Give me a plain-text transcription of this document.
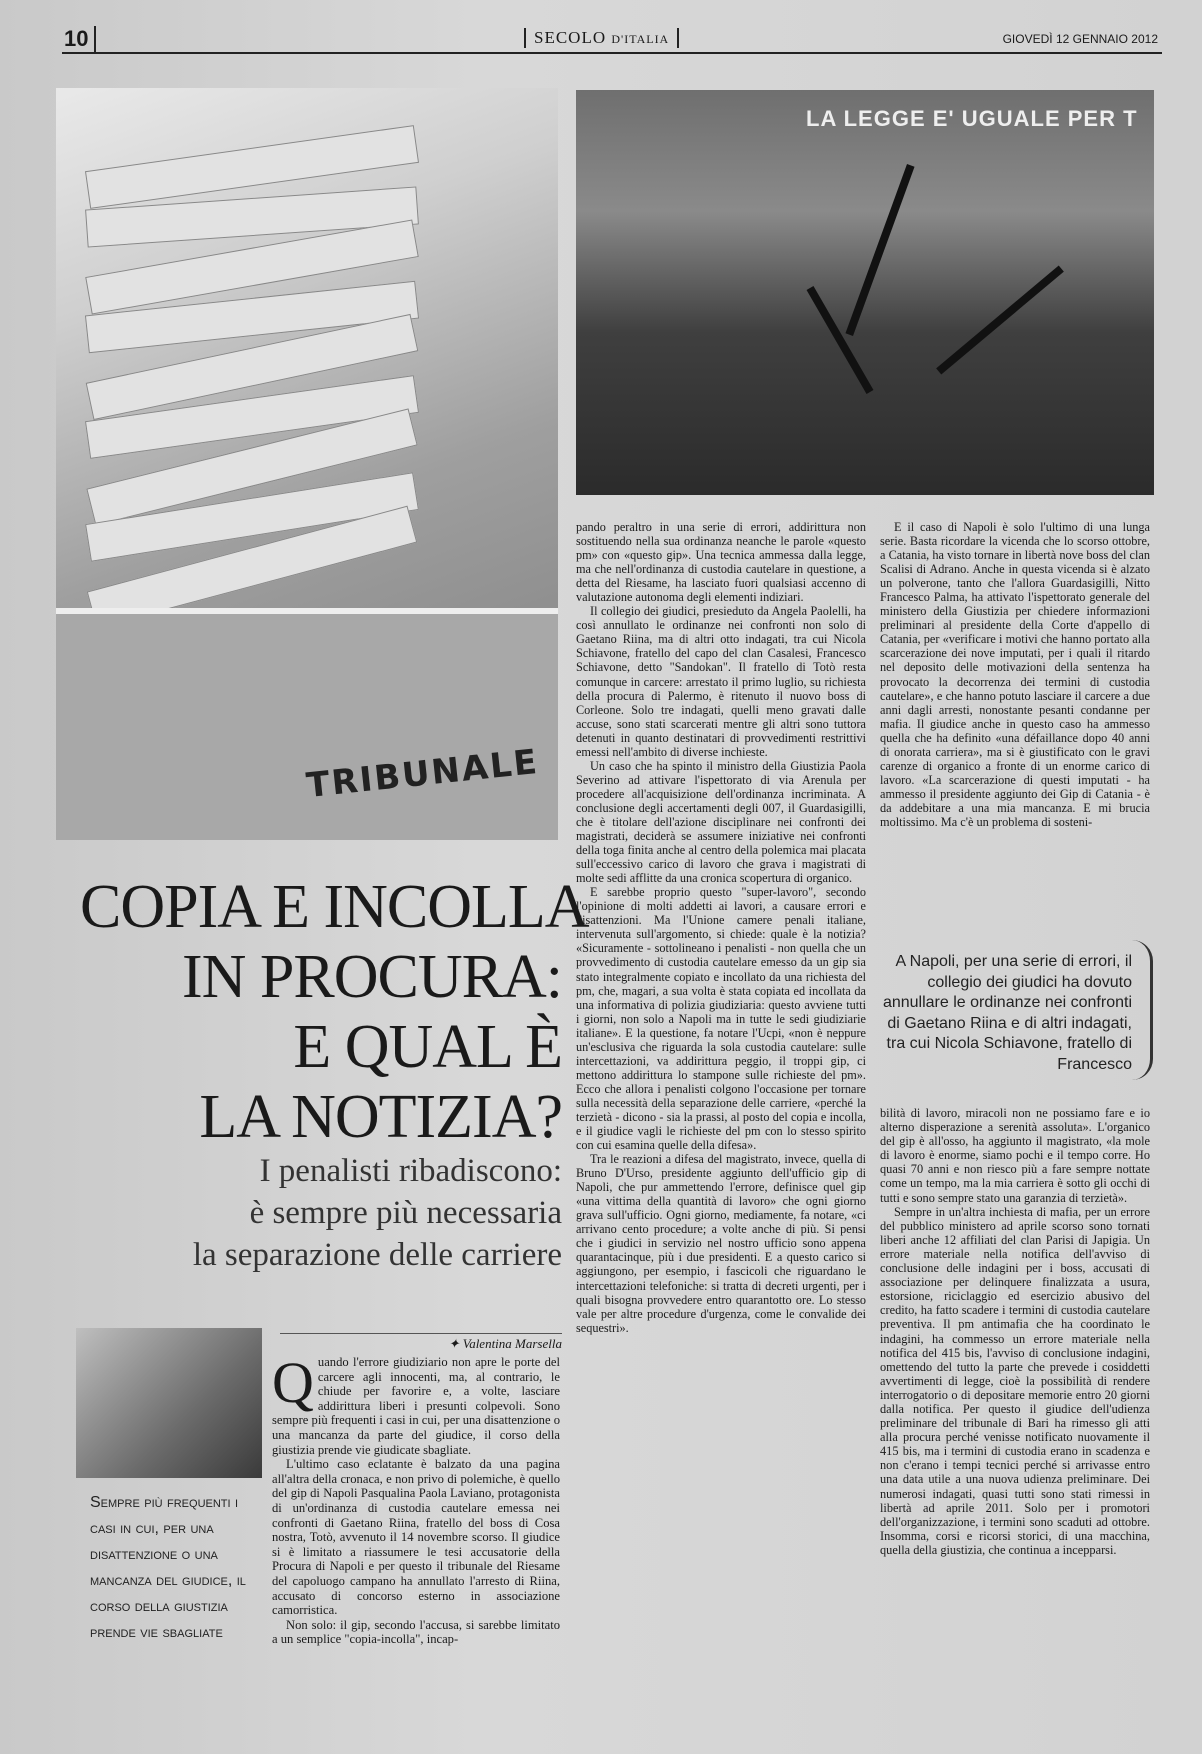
10	SECOLO D'ITALIA	GIOVEDÌ 12 GENNAIO 2012
TRIBUNALE
LA LEGGE E' UGUALE PER T
COPIA E INCOLLA
IN PROCURA:
E QUAL È
LA NOTIZIA?
I penalisti ribadiscono:
è sempre più necessaria
la separazione delle carriere
✦ Valentina Marsella
Sempre più frequenti i casi in cui, per una disattenzione o una mancanza del giudice, il corso della giustizia prende vie sbagliate

Quando l'errore giudiziario non apre le porte del carcere agli innocenti, ma, al contrario, le chiude per favorire e, a volte, lasciare addirittura liberi i presunti colpevoli. Sono sempre più frequenti i casi in cui, per una disattenzione o una mancanza da parte del giudice, il corso della giustizia prende vie giudicate sbagliate.

L'ultimo caso eclatante è balzato da una pagina all'altra della cronaca, e non privo di polemiche, è quello del gip di Napoli Pasqualina Paola Laviano, protagonista di un'ordinanza di custodia cautelare emessa nei confronti di Gaetano Riina, fratello del boss di Cosa nostra, Totò, avvenuto il 14 novembre scorso. Il giudice si è limitato a riassumere le tesi accusatorie della Procura di Napoli e per questo il tribunale del Riesame del capoluogo campano ha annullato l'arresto di Riina, accusato di concorso esterno in associazione camorristica.

Non solo: il gip, secondo l'accusa, si sarebbe limitato a un semplice "copia-incolla", incap-

pando peraltro in una serie di errori, addirittura non sostituendo nella sua ordinanza neanche le parole «questo pm» con «questo gip». Una tecnica ammessa dalla legge, ma che nell'ordinanza di custodia cautelare in questione, a detta del Riesame, ha lasciato fuori qualsiasi accenno di valutazione autonoma degli elementi indiziari.

Il collegio dei giudici, presieduto da Angela Paolelli, ha così annullato le ordinanze nei confronti non solo di Gaetano Riina, ma di altri otto indagati, tra cui Nicola Schiavone, fratello del capo del clan Casalesi, Francesco Schiavone, detto "Sandokan". Il fratello di Totò resta comunque in carcere: arrestato il primo luglio, su richiesta della procura di Palermo, è ritenuto il nuovo boss di Corleone. Solo tre indagati, quelli meno gravati dalle accuse, sono stati scarcerati mentre gli altri sono tuttora detenuti in quanto destinatari di provvedimenti restrittivi emessi nell'ambito di diverse inchieste.

Un caso che ha spinto il ministro della Giustizia Paola Severino ad attivare l'ispettorato di via Arenula per procedere all'acquisizione dell'ordinanza incriminata. A conclusione degli accertamenti degli 007, il Guardasigilli, che è titolare dell'azione disciplinare nei confronti dei magistrati, deciderà se assumere iniziative nei confronti della toga finita anche al centro della polemica mai placata sull'eccessivo carico di lavoro che grava i magistrati di molte sedi afflitte da una cronica scopertura di organico.

E sarebbe proprio questo "super-lavoro", secondo l'opinione di molti addetti ai lavori, a causare errori e disattenzioni. Ma l'Unione camere penali italiane, intervenuta sull'argomento, si chiede: quale è la notizia? «Sicuramente - sottolineano i penalisti - non quella che un provvedimento di custodia cautelare emesso da un gip sia stato integralmente copiato e incollato da una richiesta del pm, che, magari, a sua volta è stata copiata ed incollata da una informativa di polizia giudiziaria: questo avviene tutti i giorni, non solo a Napoli ma in tutte le sedi giudiziarie italiane». E la questione, fa notare l'Ucpi, «non è neppure un'esclusiva che riguarda la sola custodia cautelare: sulle intercettazioni, va addirittura peggio, il troppi gip, ci mettono addirittura lo stampone sulle richieste del pm». Ecco che allora i penalisti colgono l'occasione per tornare sulla necessità della separazione delle carriere, «perché la terzietà - dicono - sia la prassi, al posto del copia e incolla, e il giudice vagli le richieste del pm con lo stesso spirito con cui esamina quelle della difesa».

Tra le reazioni a difesa del magistrato, invece, quella di Bruno D'Urso, presidente aggiunto dell'ufficio gip di Napoli, che pur ammettendo l'errore, definisce quel gip «una vittima della quantità di lavoro» che ogni giorno grava sull'ufficio. Ogni giorno, mediamente, fa notare, «ci arrivano cento procedure; a volte anche di più. Si pensi che i giudici in servizio nel nostro ufficio sono appena quarantacinque, più i due presidenti. E a questo carico si aggiungono, per esempio, i fascicoli che riguardano le intercettazioni telefoniche: si tratta di decreti urgenti, per i quali bisogna provvedere entro quarantotto ore. Lo stesso vale per altre procedure d'urgenza, come le convalide dei sequestri».

E il caso di Napoli è solo l'ultimo di una lunga serie. Basta ricordare la vicenda che lo scorso ottobre, a Catania, ha visto tornare in libertà nove boss del clan Scalisi di Adrano. Anche in questa vicenda si è alzato un polverone, tanto che l'allora Guardasigilli, Nitto Francesco Palma, ha attivato l'ispettorato generale del ministero della Giustizia per chiedere informazioni preliminari al presidente della Corte d'appello di Catania, per «verificare i motivi che hanno portato alla scarcerazione dei nove imputati, per i quali il ritardo nel deposito delle motivazioni della sentenza ha provocato la decorrenza dei termini di custodia cautelare», e che hanno potuto lasciare il carcere a due anni dagli arresti, nonostante pesanti condanne per mafia. Il giudice anche in questo caso ha ammesso quella che ha definito «una défaillance dopo 40 anni di onorata carriera», ma si è giustificato con le gravi carenze di organico a fronte di un enorme carico di lavoro. «La scarcerazione di questi imputati - ha ammesso il presidente aggiunto dei Gip di Catania - è da addebitare a una mia mancanza. E mi brucia moltissimo. Ma c'è un problema di sosteni-

A Napoli, per una serie di errori, il collegio dei giudici ha dovuto annullare le ordinanze nei confronti di Gaetano Riina e di altri indagati, tra cui Nicola Schiavone, fratello di Francesco

bilità di lavoro, miracoli non ne possiamo fare e io alterno disperazione a serenità assoluta». L'organico del gip è all'osso, ha aggiunto il magistrato, «la mole di lavoro è enorme, siamo pochi e il tempo corre. Ho quasi 70 anni e non riesco più a fare sempre nottate come un tempo, ma la mia carriera è sotto gli occhi di tutti e sono sempre stato una garanzia di terzietà».

Sempre in un'altra inchiesta di mafia, per un errore del pubblico ministero ad aprile scorso sono tornati liberi anche 12 affiliati del clan Parisi di Japigia. Un errore materiale nella notifica dell'avviso di conclusione delle indagini per i boss, accusati di associazione per delinquere finalizzata a usura, estorsione, riciclaggio ed esercizio abusivo del credito, ha fatto scadere i termini di custodia cautelare preventiva. Il pm antimafia che ha coordinato le indagini, ha commesso un errore materiale nella notifica del 415 bis, l'avviso di conclusione indagini, omettendo del tutto la parte che prevede i cosiddetti avvertimenti di legge, cioè la possibilità di rendere interrogatorio o di depositare memorie entro 20 giorni dalla notifica. Per questo il giudice dell'udienza preliminare del tribunale di Bari ha rimesso gli atti alla procura perché venisse notificato nuovamente il 415 bis, ma i termini di custodia erano in scadenza e non c'erano i tempi tecnici perché si arrivasse entro una data utile a una nuova udienza preliminare. Dei numerosi indagati, quasi tutti sono stati rimessi in libertà ad aprile 2011. Solo per i promotori dell'organizzazione, i termini sono scaduti ad ottobre. Insomma, corsi e ricorsi storici, di una macchina, quella della giustizia, che continua a incepparsi.
